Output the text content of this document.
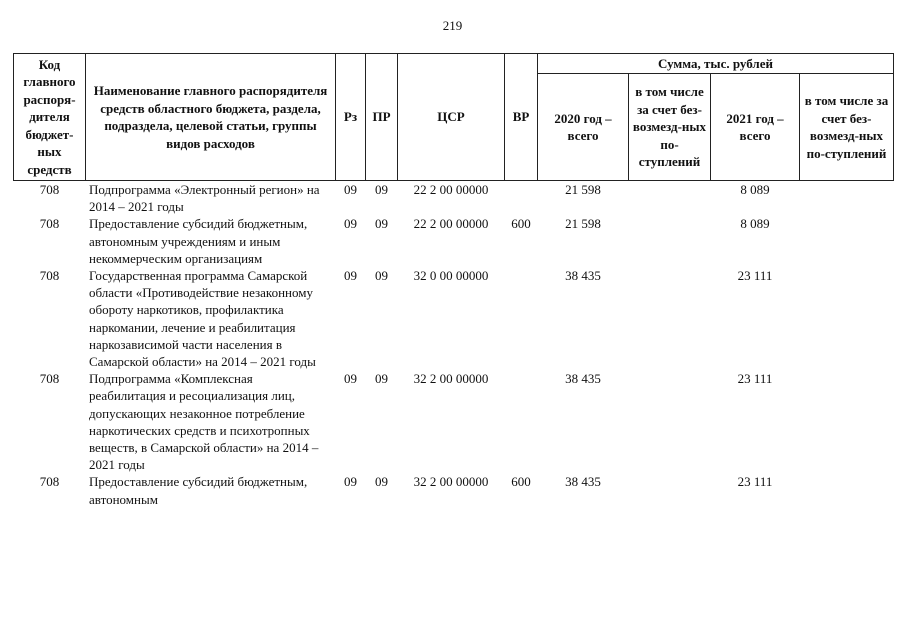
219
Код главного распоря-дителя бюджет-ных средств	Наименование главного распорядителя средств областного бюджета, раздела, подраздела, целевой статьи, группы видов расходов	Рз	ПР	ЦСР	ВР	Сумма, тыс. рублей			
						2020 год – всего	в том числе за счет без-возмезд-ных по-ступлений	2021 год – всего	в том числе за счет без-возмезд-ных по-ступлений
708	Подпрограмма «Электронный регион» на 2014 – 2021 годы	09	09	22 2 00 00000		21 598		8 089	
708	Предоставление субсидий бюджетным, автономным учреждениям и иным некоммерческим организациям	09	09	22 2 00 00000	600	21 598		8 089	
708	Государственная программа Самарской области «Противодействие незаконному обороту наркотиков, профилактика наркомании, лечение и реабилитация наркозависимой части населения в Самарской области» на 2014 – 2021 годы	09	09	32 0 00 00000		38 435		23 111	
708	Подпрограмма «Комплексная реабилитация и ресоциализация лиц, допускающих незаконное потребление наркотических средств и психотропных веществ, в Самарской области» на 2014 – 2021 годы	09	09	32 2 00 00000		38 435		23 111	
708	Предоставление субсидий бюджетным, автономным	09	09	32 2 00 00000	600	38 435		23 111	
